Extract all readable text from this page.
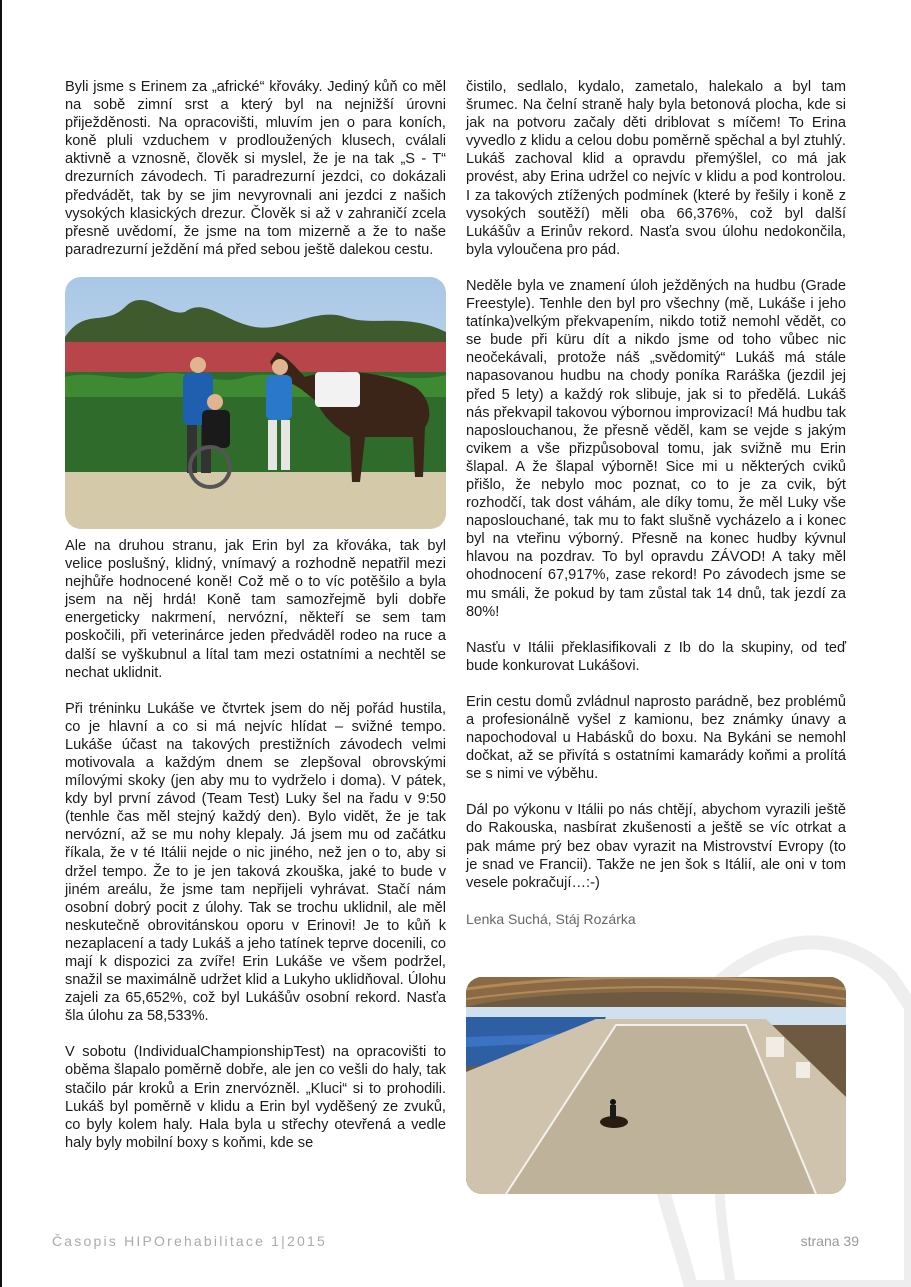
Byli jsme s Erinem za „africké“ křováky. Jediný kůň co měl na sobě zimní srst a který byl na nejnižší úrovni přiježděnosti. Na opracovišti, mluvím jen o para koních, koně pluli vzduchem v prodloužených klusech, cválali aktivně a vznosně, člověk si myslel, že je na tak „S - T“ drezurních závodech. Ti paradrezurní jezdci, co dokázali předvádět, tak by se jim nevyrovnali ani jezdci z našich vysokých klasických drezur. Člověk si až v zahraničí zcela přesně uvědomí, že jsme na tom mizerně a že to naše paradrezurní ježdění má před sebou ještě dalekou cestu.

Ale na druhou stranu, jak Erin byl za křováka, tak byl velice poslušný, klidný, vnímavý a rozhodně nepatřil mezi nejhůře hodnocené koně! Což mě o to víc potěšilo a byla jsem na něj hrdá! Koně tam samozřejmě byli dobře energeticky nakrmení, nervózní, někteří se sem tam poskočili, při veterinárce jeden předváděl rodeo na ruce a další se vyškubnul a lítal tam mezi ostatními a nechtěl se nechat uklidnit.

Při tréninku Lukáše ve čtvrtek jsem do něj pořád hustila, co je hlavní a co si má nejvíc hlídat – svižné tempo. Lukáše účast na takových prestižních závodech velmi motivovala a každým dnem se zlepšoval obrovskými mílovými skoky (jen aby mu to vydrželo i doma). V pátek, kdy byl první závod (Team Test) Luky šel na řadu v 9:50 (tenhle čas měl stejný každý den). Bylo vidět, že je tak nervózní, až se mu nohy klepaly. Já jsem mu od začátku říkala, že v té Itálii nejde o nic jiného, než jen o to, aby si držel tempo. Že to je jen taková zkouška, jaké to bude v jiném areálu, že jsme tam nepřijeli vyhrávat. Stačí nám osobní dobrý pocit z úlohy. Tak se trochu uklidnil, ale měl neskutečně obrovitánskou oporu v Erinovi! Je to kůň k nezaplacení a tady Lukáš a jeho tatínek teprve docenili, co mají k dispozici za zvíře! Erin Lukáše ve všem podržel, snažil se maximálně udržet klid a Lukyho uklidňoval. Úlohu zajeli za 65,652%, což byl Lukášův osobní rekord. Nasťa šla úlohu za 58,533%.

V sobotu (IndividualChampionshipTest) na opracovišti to oběma šlapalo poměrně dobře, ale jen co vešli do haly, tak stačilo pár kroků a Erin znervózněl. „Kluci“ si to prohodili. Lukáš byl poměrně v klidu a Erin byl vyděšený ze zvuků, co byly kolem haly. Hala byla u střechy otevřená a vedle haly byly mobilní boxy s koňmi, kde se

čistilo, sedlalo, kydalo, zametalo, halekalo a byl tam šrumec. Na čelní straně haly byla betonová plocha, kde si jak na potvoru začaly děti driblovat s míčem! To Erina vyvedlo z klidu a celou dobu poměrně spěchal a byl ztuhlý. Lukáš zachoval klid a opravdu přemýšlel, co má jak provést, aby Erina udržel co nejvíc v klidu a pod kontrolou. I za takových ztížených podmínek (které by řešily i koně z vysokých soutěží) měli oba 66,376%, což byl další Lukášův a Erinův rekord. Nasťa svou úlohu nedokončila, byla vyloučena pro pád.

Neděle byla ve znamení úloh ježděných na hudbu (Grade Freestyle). Tenhle den byl pro všechny (mě, Lukáše i jeho tatínka)velkým překvapením, nikdo totiž nemohl vědět, co se bude při küru dít a nikdo jsme od toho vůbec nic neočekávali, protože náš „svědomitý“ Lukáš má stále napasovanou hudbu na chody poníka Raráška (jezdil jej před 5 lety) a každý rok slibuje, jak si to předělá. Lukáš nás překvapil takovou výbornou improvizací! Má hudbu tak naposlouchanou, že přesně věděl, kam se vejde s jakým cvikem a vše přizpůsoboval tomu, jak svižně mu Erin šlapal. A že šlapal výborně! Sice mi u některých cviků přišlo, že nebylo moc poznat, co to je za cvik, být rozhodčí, tak dost váhám, ale díky tomu, že měl Luky vše naposlouchané, tak mu to fakt slušně vycházelo a i konec byl na vteřinu výborný. Přesně na konec hudby kývnul hlavou na pozdrav. To byl opravdu ZÁVOD! A taky měl ohodnocení 67,917%, zase rekord! Po závodech jsme se mu smáli, že pokud by tam zůstal tak 14 dnů, tak jezdí za 80%!

Nasťu v Itálii překlasifikovali z Ib do la skupiny, od teď bude konkurovat Lukášovi.

Erin cestu domů zvládnul naprosto parádně, bez problémů a profesionálně vyšel z kamionu, bez známky únavy a napochodoval u Habásků do boxu. Na Bykáni se nemohl dočkat, až se přivítá s ostatními kamarády koňmi a prolítá se s nimi ve výběhu.

Dál po výkonu v Itálii po nás chtějí, abychom vyrazili ještě do Rakouska, nasbírat zkušenosti a ještě se víc otrkat a pak máme prý bez obav vyrazit na Mistrovství Evropy (to je snad ve Francii). Takže ne jen šok s Itálií, ale oni v tom vesele pokračují…:-)

Lenka Suchá, Stáj Rozárka

Časopis HIPOrehabilitace 1|2015	strana 39
